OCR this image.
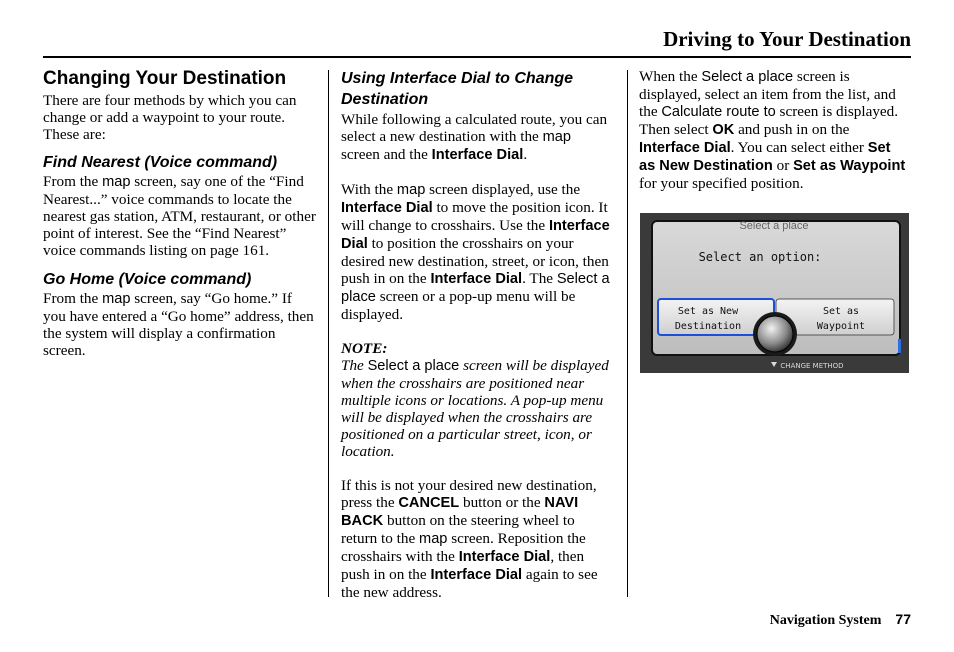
Driving to Your Destination
Changing Your Destination

There are four methods by which you can change or add a waypoint to your route. These are:

Find Nearest (Voice command)

From the map screen, say one of the “Find Nearest...” voice commands to locate the nearest gas station, ATM, restaurant, or other point of interest. See the “Find Nearest” voice commands listing on page 161.

Go Home (Voice command)

From the map screen, say “Go home.” If you have entered a “Go home” address, then the system will display a confirmation screen.

Using Interface Dial to Change Destination

While following a calculated route, you can select a new destination with the map screen and the Interface Dial.

With the map screen displayed, use the Interface Dial to move the position icon. It will change to crosshairs. Use the Interface Dial to position the crosshairs on your desired new destination, street, or icon, then push in on the Interface Dial. The Select a place screen or a pop-up menu will be displayed.

NOTE:

The Select a place screen will be displayed when the crosshairs are positioned near multiple icons or locations. A pop-up menu will be displayed when the crosshairs are positioned on a particular street, icon, or location.

If this is not your desired new destination, press the CANCEL button or the NAVI BACK button on the steering wheel to return to the map screen. Reposition the crosshairs with the Interface Dial, then push in on the Interface Dial again to see the new address.

When the Select a place screen is displayed, select an item from the list, and the Calculate route to screen is displayed. Then select OK and push in on the Interface Dial. You can select either Set as New Destination or Set as Waypoint for your specified position.

Select a place
Select an option:
Set as New
Destination
Set as
Waypoint
CHANGE METHOD
Navigation System 77
